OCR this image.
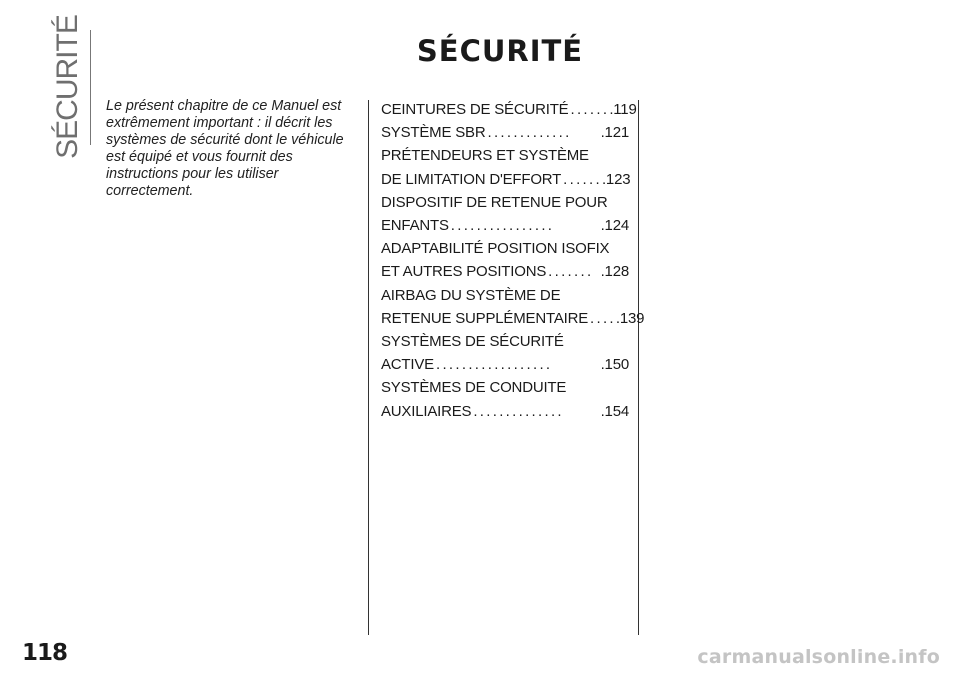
SÉCURITÉ	SÉCURITÉ
Le présent chapitre de ce Manuel est extrêmement important : il décrit les systèmes de sécurité dont le véhicule est équipé et vous fournit des instructions pour les utiliser correctement.
CEINTURES DE SÉCURITÉ ...... .119
SYSTÈME SBR .............	.121
PRÉTENDEURS ET SYSTÈME
DE LIMITATION D'EFFORT ...... .123
DISPOSITIF DE RETENUE POUR
ENFANTS ................	.124
ADAPTABILITÉ POSITION ISOFIX
ET AUTRES POSITIONS ....... .128
AIRBAG DU SYSTÈME DE
RETENUE SUPPLÉMENTAIRE .... .139
SYSTÈMES DE SÉCURITÉ
ACTIVE ..................	.150
SYSTÈMES DE CONDUITE
AUXILIAIRES ..............	.154
118	carmanualsonline.info
